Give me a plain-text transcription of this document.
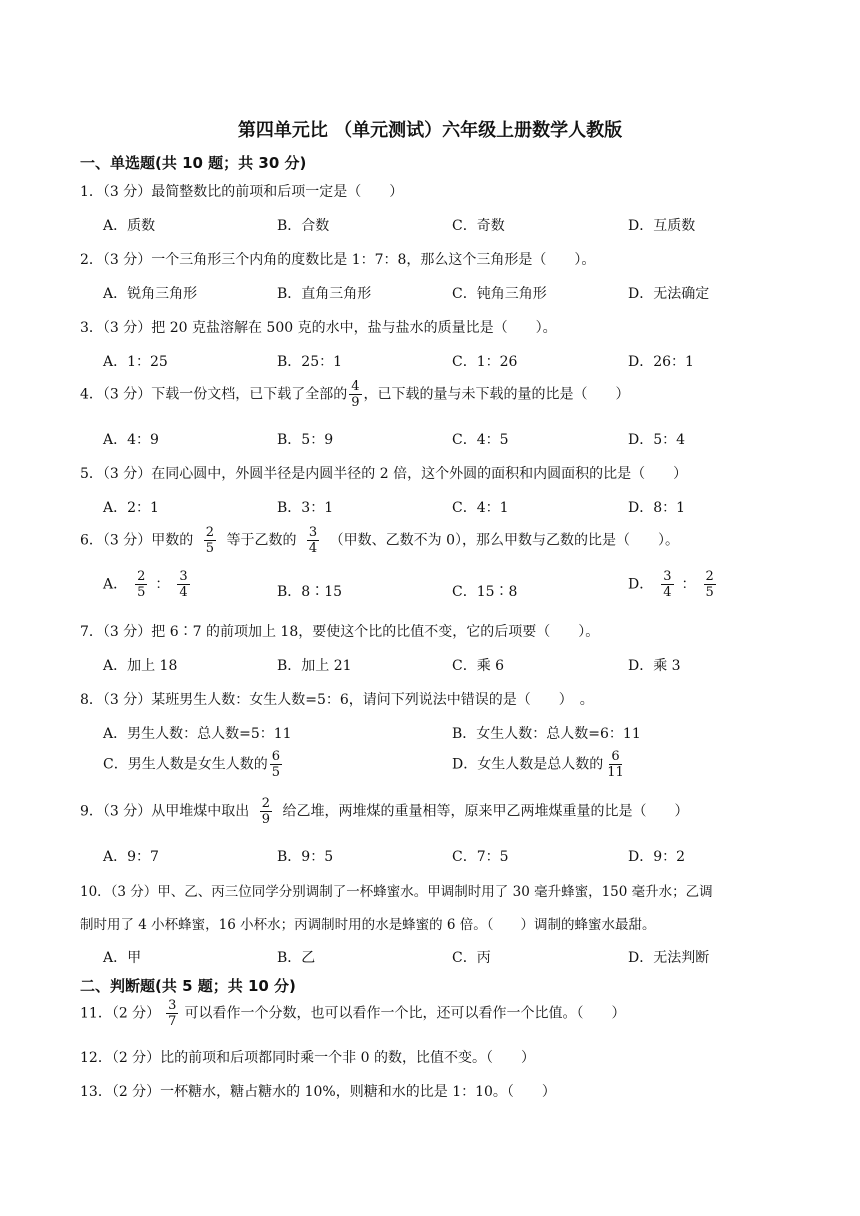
第四单元比 （单元测试）六年级上册数学人教版
一、单选题(共 10 题；共 30 分)
1．（3 分）最简整数比的前项和后项一定是（　　）
A．质数	B．合数	C．奇数	D．互质数
2．（3 分）一个三角形三个内角的度数比是 1：7：8，那么这个三角形是（　　）。
A．锐角三角形	B．直角三角形	C．钝角三角形	D．无法确定
3．（3 分）把 20 克盐溶解在 500 克的水中，盐与盐水的质量比是（　　）。
A．1：25	B．25：1	C．1：26	D．26：1
4．（3 分）下载一份文档，已下载了全部的 $\frac{4}{9}$ ，已下载的量与未下载的量的比是（　　）
A．4：9	B．5：9	C．4：5	D．5：4
5．（3 分）在同心圆中，外圆半径是内圆半径的 2 倍，这个外圆的面积和内圆面积的比是（　　）
A．2：1	B．3：1	C．4：1	D．8：1
6．（3 分）甲数的 $\frac{2}{5}$ 等于乙数的 $\frac{3}{4}$ （甲数、乙数不为 0），那么甲数与乙数的比是（　　）。
A． $\frac{2}{5}$ ： $\frac{3}{4}$	B．8∶15	C．15∶8	D． $\frac{3}{4}$ ： $\frac{2}{5}$
7．（3 分）把 6∶7 的前项加上 18，要使这个比的比值不变，它的后项要（　　）。
A．加上 18	B．加上 21	C．乘 6	D．乘 3
8．（3 分）某班男生人数：女生人数=5：6，请问下列说法中错误的是（　　）　。
A．男生人数：总人数=5：11	B．女生人数：总人数=6：11
C．男生人数是女生人数的 $\frac{6}{5}$	D．女生人数是总人数的 $\frac{6}{11}$
9．（3 分）从甲堆煤中取出 $\frac{2}{9}$ 给乙堆，两堆煤的重量相等，原来甲乙两堆煤重量的比是（　　）
A．9：7	B．9：5	C．7：5	D．9：2
10．（3 分）甲、乙、丙三位同学分别调制了一杯蜂蜜水。甲调制时用了 30 毫升蜂蜜，150 毫升水；乙调
制时用了 4 小杯蜂蜜，16 小杯水；丙调制时用的水是蜂蜜的 6 倍。（　　）调制的蜂蜜水最甜。
A．甲	B．乙	C．丙	D．无法判断
二、判断题(共 5 题；共 10 分)
11．（2 分） $\frac{3}{7}$ 可以看作一个分数，也可以看作一个比，还可以看作一个比值。（　　）
12．（2 分）比的前项和后项都同时乘一个非 0 的数，比值不变。（　　）
13．（2 分）一杯糖水，糖占糖水的 10%，则糖和水的比是 1：10。（　　）
